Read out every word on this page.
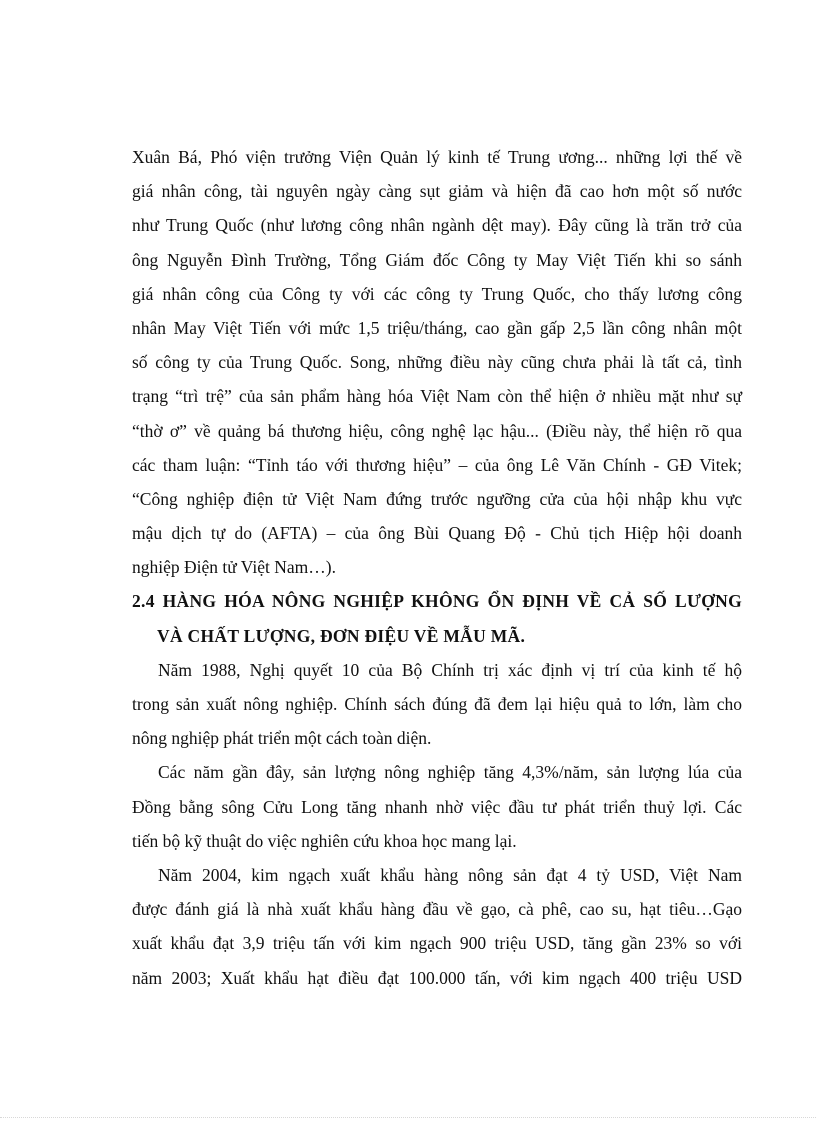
Xuân Bá, Phó viện trưởng Viện Quản lý kinh tế Trung ương... những lợi thế về
giá nhân công, tài nguyên ngày càng sụt giảm và hiện đã cao hơn một số nước
như Trung Quốc (như lương công nhân ngành dệt may). Đây cũng là trăn trở của
ông Nguyễn Đình Trường, Tổng Giám đốc Công ty May Việt Tiến khi so sánh
giá nhân công của Công ty với các công ty Trung Quốc, cho thấy lương công
nhân May Việt Tiến với mức 1,5 triệu/tháng, cao gần gấp 2,5 lần công nhân một
số công ty của Trung Quốc. Song, những điều này cũng chưa phải là tất cả, tình
trạng “trì trệ” của sản phẩm hàng hóa Việt Nam còn thể hiện ở nhiều mặt như sự
“thờ ơ” về quảng bá thương hiệu, công nghệ lạc hậu... (Điều này, thể hiện rõ qua
các tham luận: “Tỉnh táo với thương hiệu” – của ông Lê Văn Chính - GĐ Vitek;
“Công nghiệp điện tử Việt Nam đứng trước ngưỡng cửa của hội nhập khu vực
mậu dịch tự do (AFTA) – của ông Bùi Quang Độ - Chủ tịch Hiệp hội doanh
nghiệp Điện tử Việt Nam…).
2.4 HÀNG HÓA NÔNG NGHIỆP KHÔNG ỔN ĐỊNH VỀ CẢ SỐ LƯỢNG
VÀ CHẤT LƯỢNG, ĐƠN ĐIỆU VỀ MẪU MÃ.
Năm 1988, Nghị quyết 10 của Bộ Chính trị xác định vị trí của kinh tế hộ
trong sản xuất nông nghiệp. Chính sách đúng đã đem lại hiệu quả to lớn, làm cho
nông nghiệp phát triển một cách toàn diện.
Các năm gần đây, sản lượng nông nghiệp tăng 4,3%/năm, sản lượng lúa của
Đồng bằng sông Cửu Long tăng nhanh nhờ việc đầu tư phát triển thuỷ lợi. Các
tiến bộ kỹ thuật do việc nghiên cứu khoa học mang lại.
Năm 2004, kim ngạch xuất khẩu hàng nông sản đạt 4 tỷ USD, Việt Nam
được đánh giá là nhà xuất khẩu hàng đầu về gạo, cà phê, cao su, hạt tiêu…Gạo
xuất khẩu đạt 3,9 triệu tấn với kim ngạch 900 triệu USD, tăng gần 23% so với
năm 2003; Xuất khẩu hạt điều đạt 100.000 tấn, với kim ngạch 400 triệu USD
